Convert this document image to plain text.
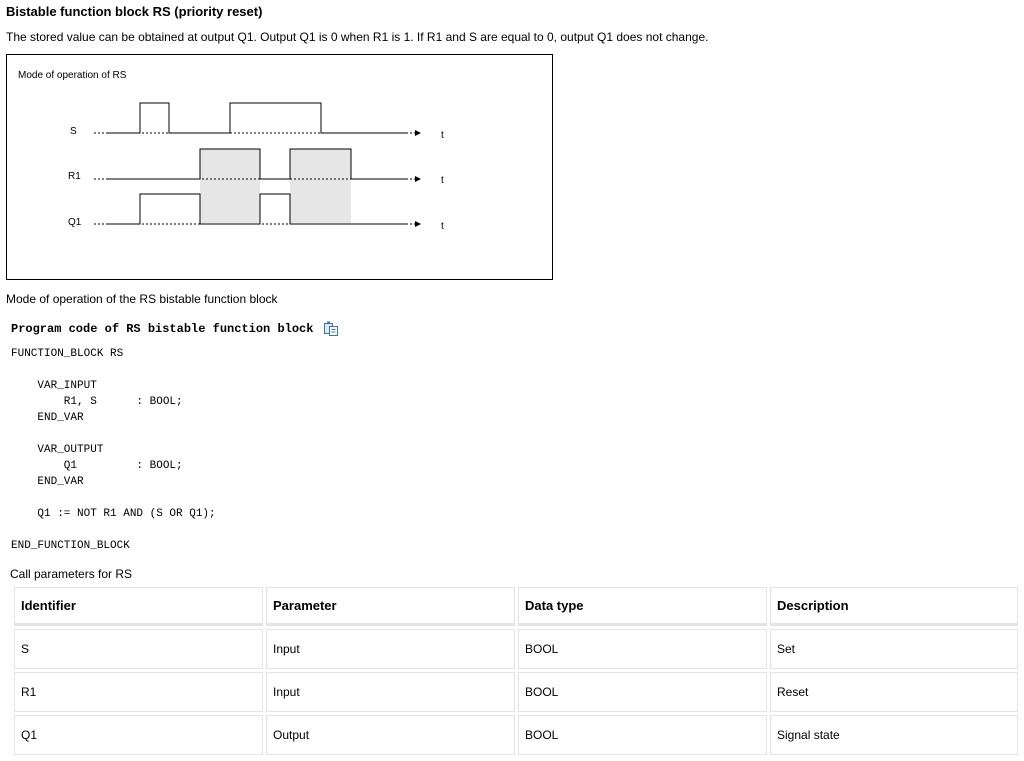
Bistable function block RS (priority reset)
The stored value can be obtained at output Q1. Output Q1 is 0 when R1 is 1. If R1 and S are equal to 0, output Q1 does not change.
Mode of operation of RS
S
R1
Q1
t
t
t
Mode of operation of the RS bistable function block
Program code of RS bistable function block
FUNCTION_BLOCK RS

VAR_INPUT
R1, S      : BOOL;
END_VAR

VAR_OUTPUT
Q1         : BOOL;
END_VAR

Q1 := NOT R1 AND (S OR Q1);

END_FUNCTION_BLOCK
Call parameters for RS
Identifier	Parameter	Data type	Description
S	Input	BOOL	Set
R1	Input	BOOL	Reset
Q1	Output	BOOL	Signal state
